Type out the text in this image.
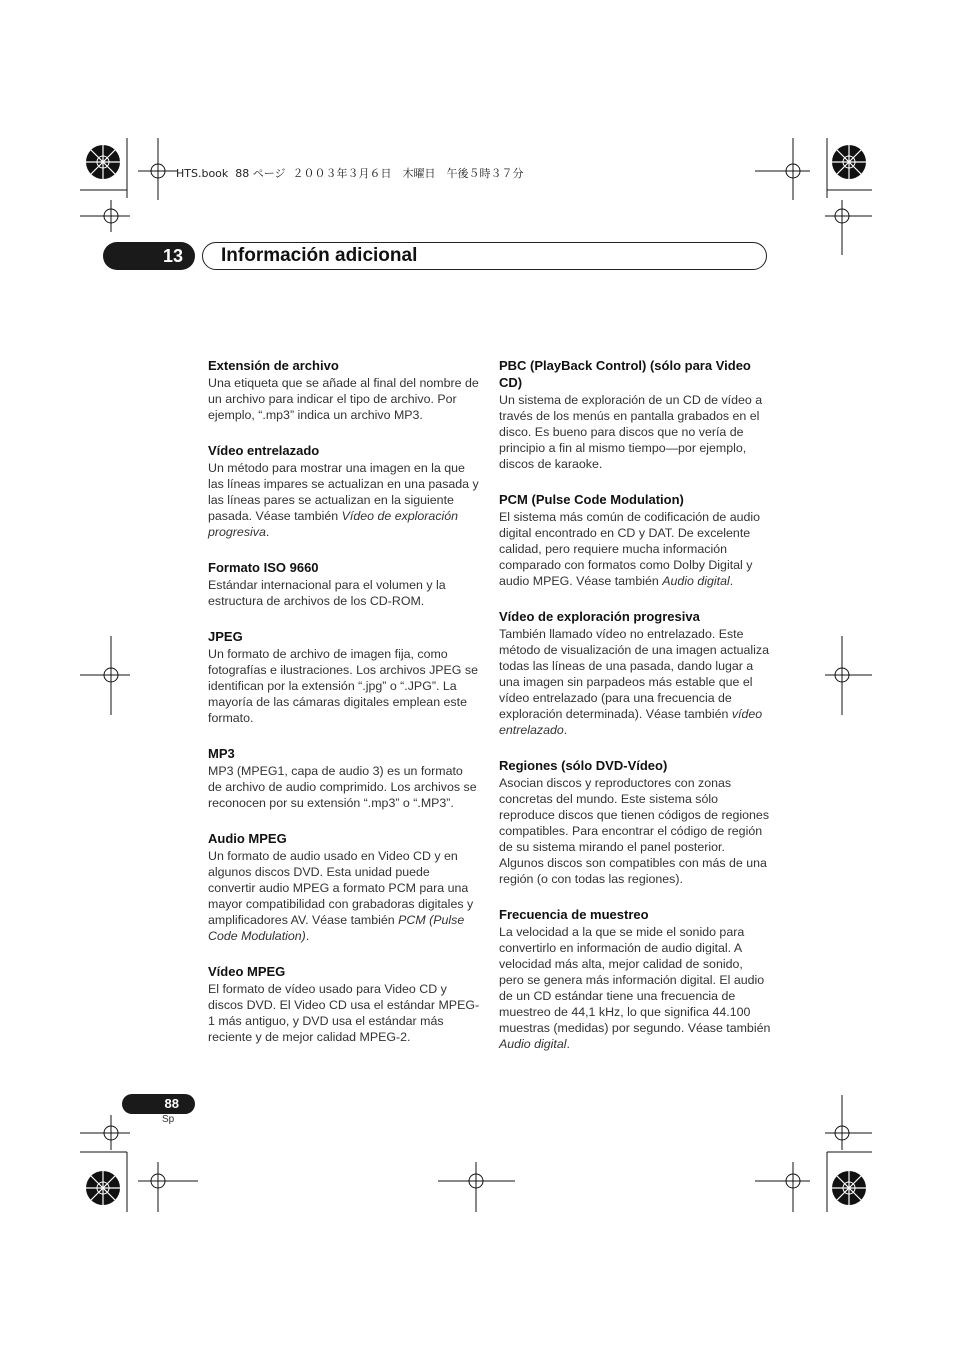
HTS.book  88 ページ  ２００３年３月６日　木曜日　午後５時３７分
13	Información adicional
Extensión de archivo

Una etiqueta que se añade al final del nombre de un archivo para indicar el tipo de archivo. Por ejemplo, “.mp3” indica un archivo MP3.

Vídeo entrelazado

Un método para mostrar una imagen en la que las líneas impares se actualizan en una pasada y las líneas pares se actualizan en la siguiente pasada. Véase también Vídeo de exploración progresiva.

Formato ISO 9660

Estándar internacional para el volumen y la estructura de archivos de los CD-ROM.

JPEG

Un formato de archivo de imagen fija, como fotografías e ilustraciones. Los archivos JPEG se identifican por la extensión “.jpg” o “.JPG”. La mayoría de las cámaras digitales emplean este formato.

MP3

MP3 (MPEG1, capa de audio 3) es un formato de archivo de audio comprimido. Los archivos se reconocen por su extensión “.mp3” o “.MP3”.

Audio MPEG

Un formato de audio usado en Video CD y en algunos discos DVD. Esta unidad puede convertir audio MPEG a formato PCM para una mayor compatibilidad con grabadoras digitales y amplificadores AV. Véase también PCM (Pulse Code Modulation).

Vídeo MPEG

El formato de vídeo usado para Video CD y discos DVD. El Video CD usa el estándar MPEG-1 más antiguo, y DVD usa el estándar más reciente y de mejor calidad MPEG-2.

PBC (PlayBack Control) (sólo para Video CD)

Un sistema de exploración de un CD de vídeo a través de los menús en pantalla grabados en el disco. Es bueno para discos que no vería de principio a fin al mismo tiempo—por ejemplo, discos de karaoke.

PCM (Pulse Code Modulation)

El sistema más común de codificación de audio digital encontrado en CD y DAT. De excelente calidad, pero requiere mucha información comparado con formatos como Dolby Digital y audio MPEG. Véase también Audio digital.

Vídeo de exploración progresiva

También llamado vídeo no entrelazado. Este método de visualización de una imagen actualiza todas las líneas de una pasada, dando lugar a una imagen sin parpadeos más estable que el vídeo entrelazado (para una frecuencia de exploración determinada). Véase también vídeo entrelazado.

Regiones (sólo DVD-Vídeo)

Asocian discos y reproductores con zonas concretas del mundo. Este sistema sólo reproduce discos que tienen códigos de regiones compatibles. Para encontrar el código de región de su sistema mirando el panel posterior. Algunos discos son compatibles con más de una región (o con todas las regiones).

Frecuencia de muestreo

La velocidad a la que se mide el sonido para convertirlo en información de audio digital. A velocidad más alta, mejor calidad de sonido, pero se genera más información digital. El audio de un CD estándar tiene una frecuencia de muestreo de 44,1 kHz, lo que significa 44.100 muestras (medidas) por segundo. Véase también Audio digital.

88
Sp
